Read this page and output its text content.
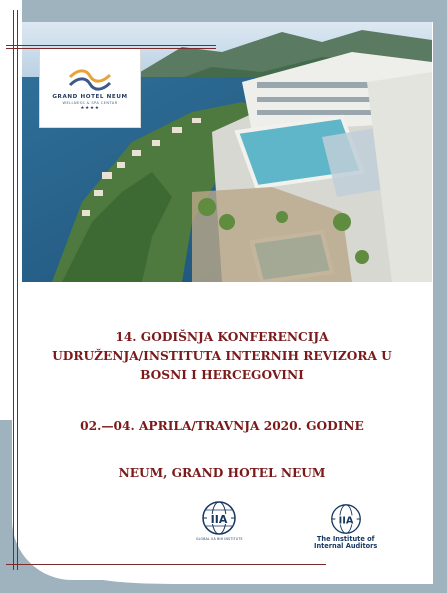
GRAND HOTEL NEUM
WELLNESS & SPA CENTAR
★★★★
14. GODIŠNJA KONFERENCIJA
UDRUŽENJA/INSTITUTA INTERNIH REVIZORA U
BOSNI I HERCEGOVINI
02.—04. APRILA/TRAVNJA 2020. GODINE
NEUM, GRAND HOTEL NEUM
IIA
GLOBAL IIA BIH INSTITUTE
IIA
The Institute of
Internal Auditors
